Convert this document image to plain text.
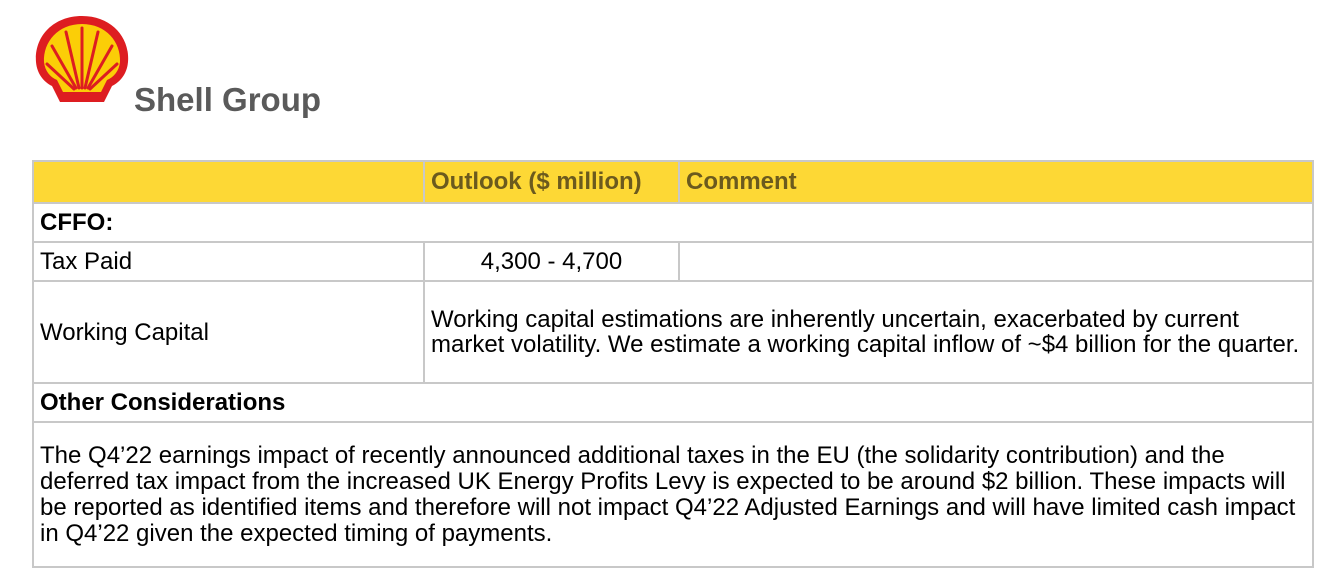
Shell Group
	Outlook ($ million)	Comment
CFFO:		
Tax Paid	4,300 - 4,700	
Working Capital	Working capital estimations are inherently uncertain, exacerbated by current market volatility. We estimate a working capital inflow of ~$4 billion for the quarter.	
Other Considerations		
The Q4’22 earnings impact of recently announced additional taxes in the EU (the solidarity contribution) and the deferred tax impact from the increased UK Energy Profits Levy is expected to be around $2 billion. These impacts will be reported as identified items and therefore will not impact Q4’22 Adjusted Earnings and will have limited cash impact in Q4’22 given the expected timing of payments.		
